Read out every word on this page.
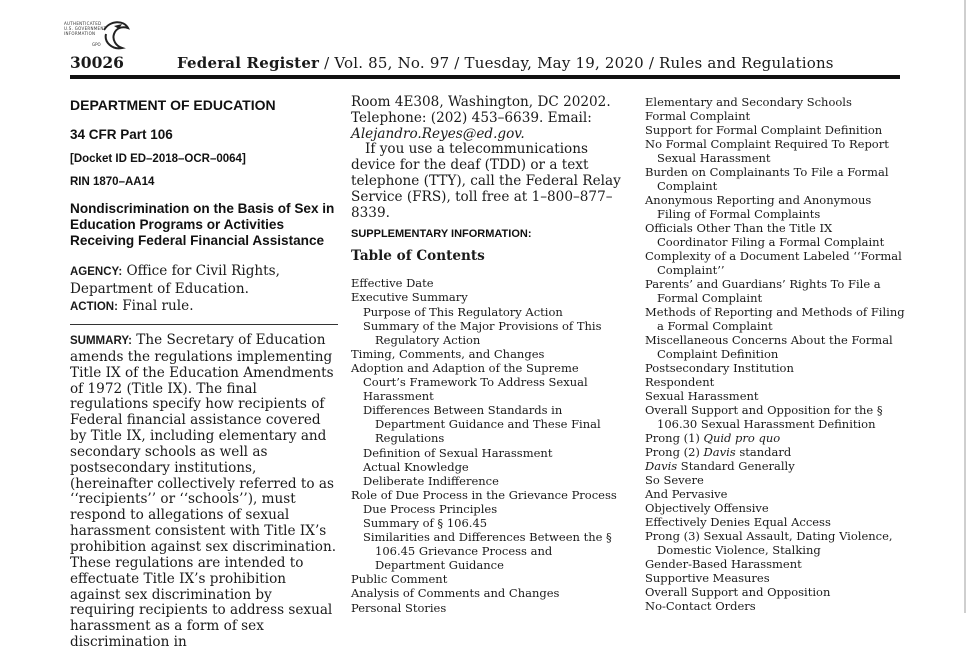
AUTHENTICATED
U.S. GOVERNMENT
INFORMATION
GPO
30026	Federal Register / Vol. 85, No. 97 / Tuesday, May 19, 2020 / Rules and Regulations
DEPARTMENT OF EDUCATION
34 CFR Part 106
[Docket ID ED–2018–OCR–0064]
RIN 1870–AA14
Nondiscrimination on the Basis of Sex in Education Programs or Activities Receiving Federal Financial Assistance

AGENCY: Office for Civil Rights, Department of Education.

ACTION: Final rule.

SUMMARY: The Secretary of Education amends the regulations implementing Title IX of the Education Amendments of 1972 (Title IX). The final regulations specify how recipients of Federal financial assistance covered by Title IX, including elementary and secondary schools as well as postsecondary institutions, (hereinafter collectively referred to as ‘‘recipients’’ or ‘‘schools’’), must respond to allegations of sexual harassment consistent with Title IX’s prohibition against sex discrimination. These regulations are intended to effectuate Title IX’s prohibition against sex discrimination by requiring recipients to address sexual harassment as a form of sex discrimination in

Room 4E308, Washington, DC 20202.

Telephone: (202) 453–6639. Email:

Alejandro.Reyes@ed.gov.

If you use a telecommunications device for the deaf (TDD) or a text telephone (TTY), call the Federal Relay Service (FRS), toll free at 1–800–877–8339.

SUPPLEMENTARY INFORMATION:
Table of Contents
Effective Date
Executive Summary
Purpose of This Regulatory Action
Summary of the Major Provisions of This Regulatory Action
Timing, Comments, and Changes
Adoption and Adaption of the Supreme Court’s Framework To Address Sexual Harassment
Differences Between Standards in Department Guidance and These Final Regulations
Definition of Sexual Harassment
Actual Knowledge
Deliberate Indifference
Role of Due Process in the Grievance Process
Due Process Principles
Summary of § 106.45
Similarities and Differences Between the § 106.45 Grievance Process and Department Guidance
Public Comment
Analysis of Comments and Changes
Personal Stories
Elementary and Secondary Schools
Formal Complaint
Support for Formal Complaint Definition
No Formal Complaint Required To Report Sexual Harassment
Burden on Complainants To File a Formal Complaint
Anonymous Reporting and Anonymous Filing of Formal Complaints
Officials Other Than the Title IX Coordinator Filing a Formal Complaint
Complexity of a Document Labeled ‘‘Formal Complaint’’
Parents’ and Guardians’ Rights To File a Formal Complaint
Methods of Reporting and Methods of Filing a Formal Complaint
Miscellaneous Concerns About the Formal Complaint Definition
Postsecondary Institution
Respondent
Sexual Harassment
Overall Support and Opposition for the § 106.30 Sexual Harassment Definition
Prong (1) Quid pro quo
Prong (2) Davis standard
Davis Standard Generally
So Severe
And Pervasive
Objectively Offensive
Effectively Denies Equal Access
Prong (3) Sexual Assault, Dating Violence, Domestic Violence, Stalking
Gender-Based Harassment
Supportive Measures
Overall Support and Opposition
No-Contact Orders
